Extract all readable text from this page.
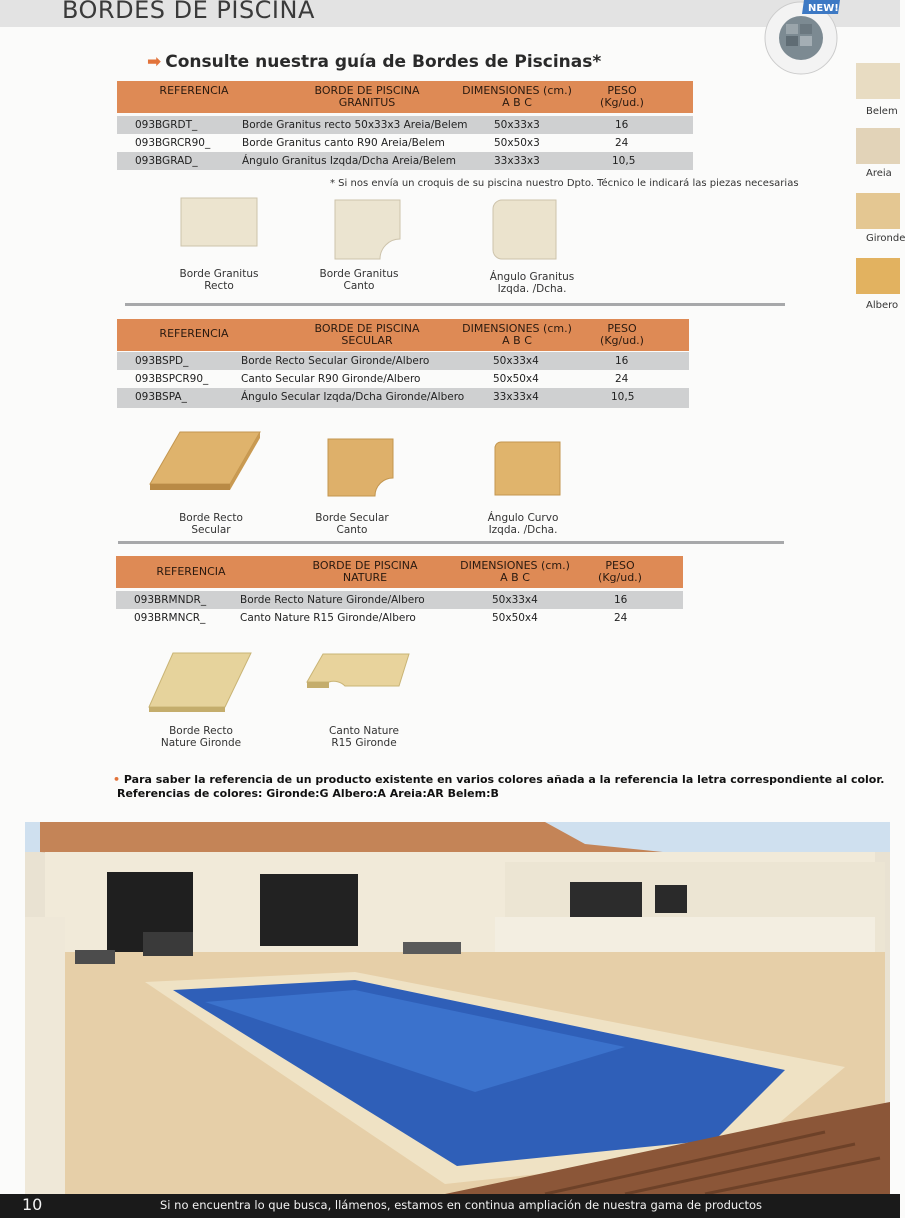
BORDES DE PISCINA	NEW!
➡ Consulte nuestra guía de Bordes de Piscinas*
REFERENCIA	BORDE DE PISCINA
GRANITUS
DIMENSIONES (cm.)
A B C
PESO
(Kg/ud.)
093BGRDT_	Borde Granitus recto 50x33x3 Areia/Belem	50x33x3	16
093BGRCR90_	Borde Granitus canto R90 Areia/Belem	50x50x3	24
093BGRAD_	Ángulo Granitus Izqda/Dcha Areia/Belem	33x33x3	10,5
* Si nos envía un croquis de su piscina nuestro Dpto. Técnico le indicará las piezas necesarias
Borde Granitus
Recto
Borde Granitus
Canto
Ángulo Granitus
Izqda. /Dcha.
REFERENCIA	BORDE DE PISCINA
SECULAR
DIMENSIONES (cm.)
A B C
PESO
(Kg/ud.)
093BSPD_	Borde Recto Secular Gironde/Albero	50x33x4	16
093BSPCR90_	Canto Secular R90 Gironde/Albero	50x50x4	24
093BSPA_	Ángulo Secular Izqda/Dcha Gironde/Albero	33x33x4	10,5
Borde Recto
Secular
Borde Secular
Canto
Ángulo Curvo
Izqda. /Dcha.
REFERENCIA	BORDE DE PISCINA
NATURE
DIMENSIONES (cm.)
A B C
PESO
(Kg/ud.)
093BRMNDR_	Borde Recto Nature Gironde/Albero	50x33x4	16
093BRMNCR_	Canto Nature R15 Gironde/Albero	50x50x4	24
Borde Recto
Nature Gironde
Canto Nature
R15 Gironde
Belem
Areia
Gironde
Albero
• Para saber la referencia de un producto existente en varios colores añada a la referencia la letra correspondiente al color.
Referencias de colores: Gironde:G Albero:A Areia:AR Belem:B
10	Si no encuentra lo que busca, llámenos, estamos en continua ampliación de nuestra gama de productos
